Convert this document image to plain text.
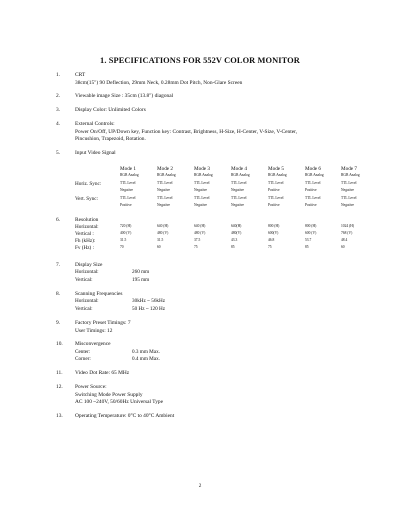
1. SPECIFICATIONS FOR 552V COLOR MONITOR
1.	CRT
38cm(15") 90 Deflection, 29mm Neck, 0.28mm Dot Pitch, Non-Glare Screen
2.	Viewable image Size : 35cm (13.8") diagonal
3.	Display Color: Unlimited Colors
4.	External Controls:
Power On/Off, UP/Down key, Function key: Contrast, Brightness, H-Size, H-Center, V-Size, V-Center,
Pincushion, Trapezoid, Rotation.
5.	Input Video Signal
Mode 1	Mode 2	Mode 3	Mode 4	Mode 5	Mode 6	Mode 7
RGB Analog	RGB Analog	RGB Analog	RGB Analog	RGB Analog	RGB Analog	RGB Analog
Horiz. Sync:	TTL Level	TTL Level	TTL Level	TTL Level	TTL Level	TTL Level	TTL Level
Negative	Negative	Negative	Negative	Positive	Positive	Negative
Vert. Sync:	TTL Level	TTL Level	TTL Level	TTL Level	TTL Level	TTL Level	TTL Level
Positive	Negative	Negative	Negative	Positive	Positive	Negative
6.	Resolution
Horizontal:	720 (H)	640 (H)	640 (H)	640(H)	800 (H)	800 (H)	1024 (H)
Vertical :	400 (V)	480 (V)	480 (V)	480(V)	600(V)	600 (V)	768 (V)
Fh (kHz):	31.5	31.5	37.5	43.3	46.8	53.7	48.4
Fv (Hz) :	70	60	75	85	75	85	60
7.	Display Size
Horizontal:	260 mm
Vertical:	195 mm
8.	Scanning Frequencies
Horizontal:	30kHz ~ 56kHz
Vertical:	50 Hz ~ 120 Hz
9.	Factory Preset Timings: 7
User Timings: 12
10. Misconvergence
Center:	0.3 mm Max.
Corner:	0.4 mm Max.
11. Video Dot Rate: 65 MHz
12. Power Source:
Switching Mode Power Supply
AC 100 ~240V, 50/60Hz Universal Type
13. Operating Temperature: 0°C to 40°C Ambient
2
